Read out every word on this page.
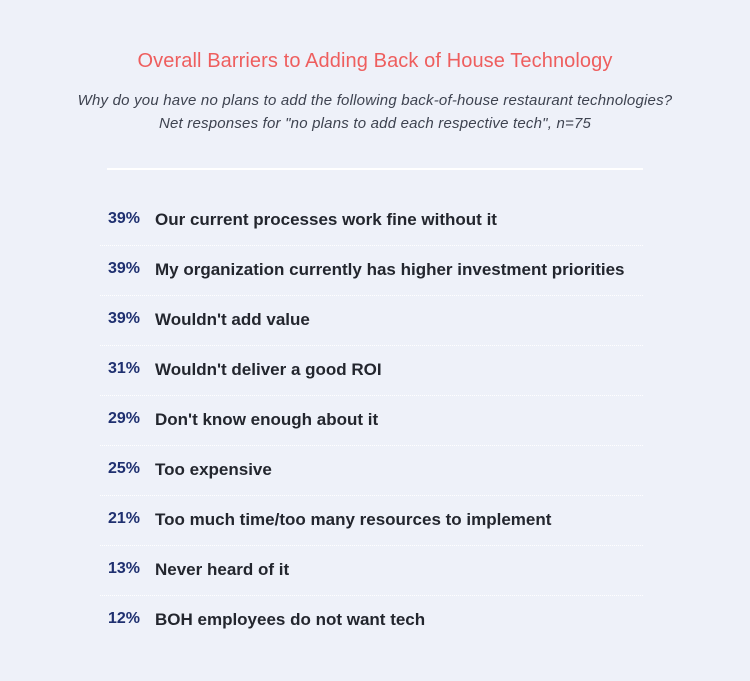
Overall Barriers to Adding Back of House Technology
Why do you have no plans to add the following back-of-house restaurant technologies?
Net responses for "no plans to add each respective tech", n=75
39% Our current processes work fine without it
39% My organization currently has higher investment priorities
39% Wouldn't add value
31% Wouldn't deliver a good ROI
29% Don't know enough about it
25% Too expensive
21% Too much time/too many resources to implement
13% Never heard of it
12% BOH employees do not want tech
